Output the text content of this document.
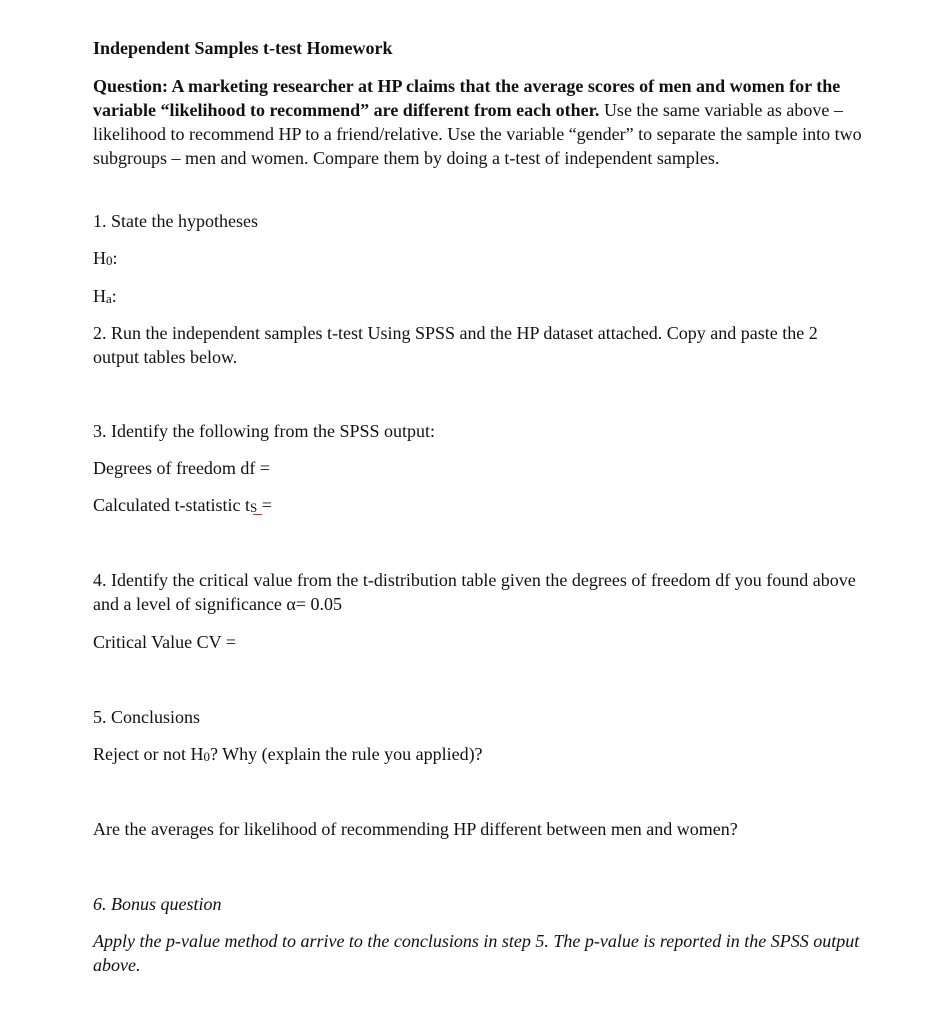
Independent Samples t-test Homework

Question: A marketing researcher at HP claims that the average scores of men and women for the variable “likelihood to recommend” are different from each other. Use the same variable as above – likelihood to recommend HP to a friend/relative. Use the variable “gender” to separate the sample into two subgroups – men and women. Compare them by doing a t-test of independent samples.

1. State the hypotheses

H0:

Ha:

2. Run the independent samples t-test Using SPSS and the HP dataset attached. Copy and paste the 2 output tables below.

3. Identify the following from the SPSS output:

Degrees of freedom df =

Calculated t-statistic tS
=

4. Identify the critical value from the t-distribution table given the degrees of freedom df you found above and a level of significance α= 0.05

Critical Value CV =

5. Conclusions

Reject or not H0? Why (explain the rule you applied)?

Are the averages for likelihood of recommending HP different between men and women?

6. Bonus question

Apply the p-value method to arrive to the conclusions in step 5. The p-value is reported in the SPSS output above.
